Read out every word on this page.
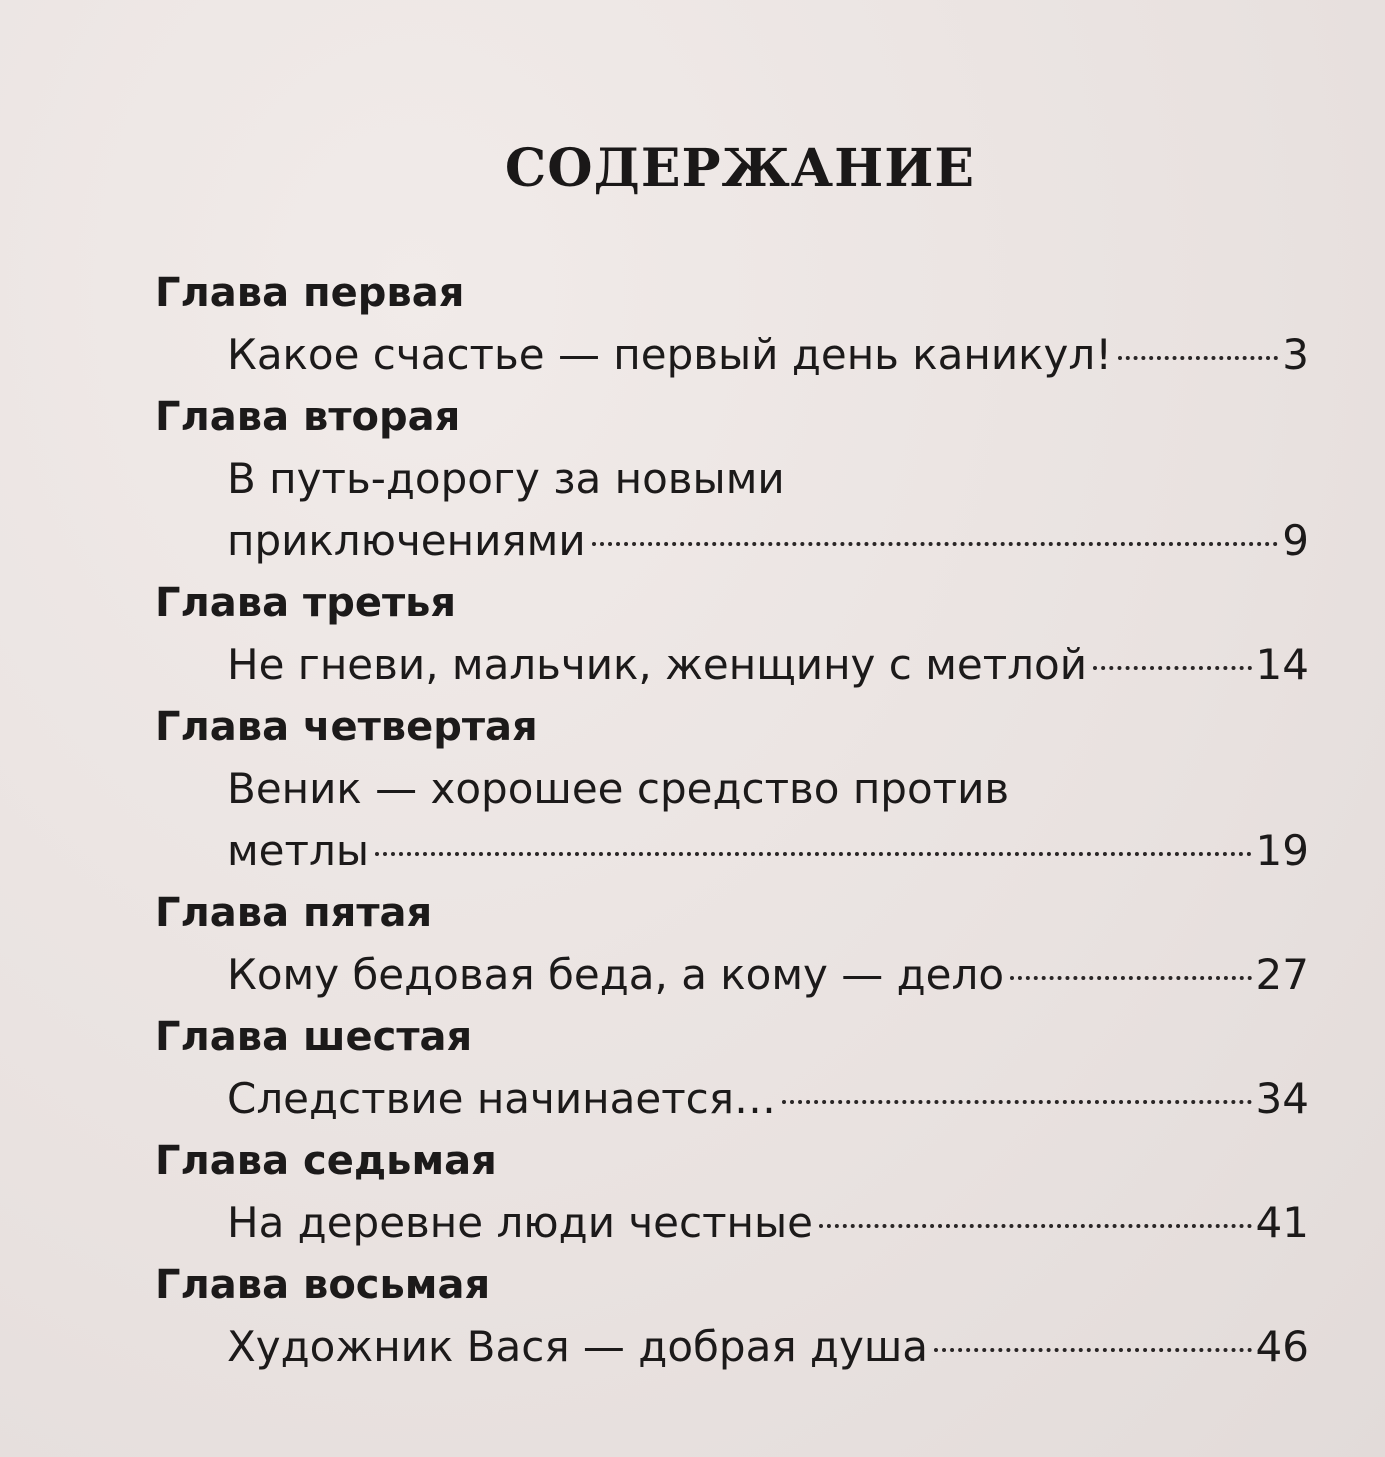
СОДЕРЖАНИЕ
Глава первая
Какое счастье — первый день каникул!	3
Глава вторая
В путь-дорогу за новыми
приключениями	9
Глава третья
Не гневи, мальчик, женщину с метлой	14
Глава четвертая
Веник — хорошее средство против
метлы	19
Глава пятая
Кому бедовая беда, а кому — дело	27
Глава шестая
Следствие начинается…	34
Глава седьмая
На деревне люди честные	41
Глава восьмая
Художник Вася — добрая душа	46
